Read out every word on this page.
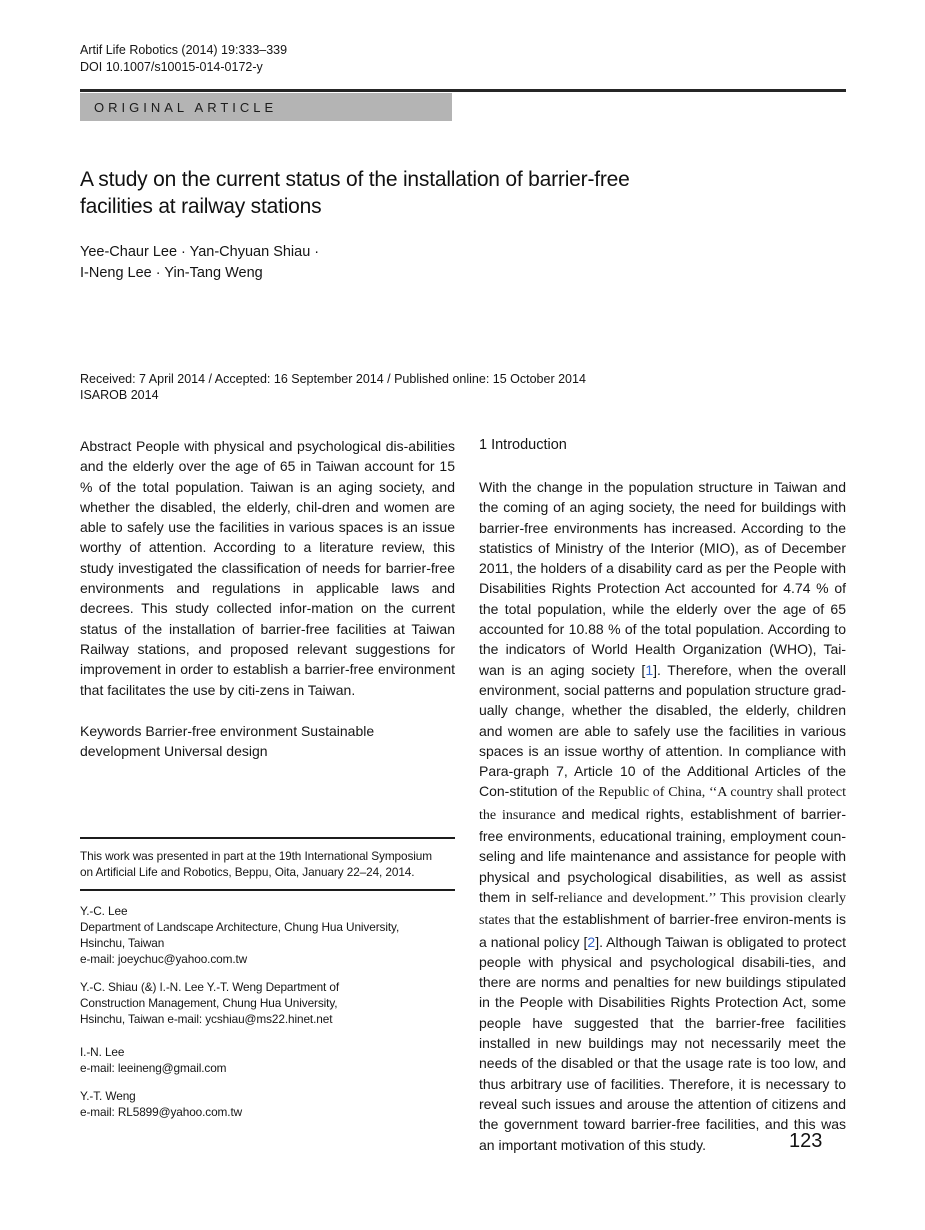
Artif Life Robotics (2014) 19:333–339
DOI 10.1007/s10015-014-0172-y
ORIGINAL ARTICLE
A study on the current status of the installation of barrier-free
facilities at railway stations
Yee-Chaur Lee · Yan-Chyuan Shiau ·
I-Neng Lee · Yin-Tang Weng
Received: 7 April 2014 / Accepted: 16 September 2014 / Published online: 15 October 2014
ISAROB 2014

Abstract People with physical and psychological dis-abilities and the elderly over the age of 65 in Taiwan account for 15 % of the total population. Taiwan is an aging society, and whether the disabled, the elderly, chil-dren and women are able to safely use the facilities in various spaces is an issue worthy of attention. According to a literature review, this study investigated the classification of needs for barrier-free environments and regulations in applicable laws and decrees. This study collected infor-mation on the current status of the installation of barrier-free facilities at Taiwan Railway stations, and proposed relevant suggestions for improvement in order to establish a barrier-free environment that facilitates the use by citi-zens in Taiwan.

Keywords Barrier-free environment Sustainable
development Universal design
This work was presented in part at the 19th International Symposium
on Artificial Life and Robotics, Beppu, Oita, January 22–24, 2014.
Y.-C. Lee
Department of Landscape Architecture, Chung Hua University,
Hsinchu, Taiwan
e-mail: joeychuc@yahoo.com.tw
Y.-C. Shiau (&) I.-N. Lee Y.-T. Weng Department of
Construction Management, Chung Hua University,
Hsinchu, Taiwan e-mail: ycshiau@ms22.hinet.net
I.-N. Lee
e-mail: leeineng@gmail.com
Y.-T. Weng
e-mail: RL5899@yahoo.com.tw

1 Introduction

With the change in the population structure in Taiwan and the coming of an aging society, the need for buildings with barrier-free environments has increased. According to the statistics of Ministry of the Interior (MIO), as of December 2011, the holders of a disability card as per the People with Disabilities Rights Protection Act accounted for 4.74 % of the total population, while the elderly over the age of 65 accounted for 10.88 % of the total population. According to the indicators of World Health Organization (WHO), Tai-wan is an aging society [1]. Therefore, when the overall environment, social patterns and population structure grad-ually change, whether the disabled, the elderly, children and women are able to safely use the facilities in various spaces is an issue worthy of attention. In compliance with Para-graph 7, Article 10 of the Additional Articles of the Con-stitution of the Republic of China, ‘‘A country shall protect the insurance and medical rights, establishment of barrier-free environments, educational training, employment coun-seling and life maintenance and assistance for people with physical and psychological disabilities, as well as assist them in self-reliance and development.’’ This provision clearly states that the establishment of barrier-free environ-ments is a national policy [2]. Although Taiwan is obligated to protect people with physical and psychological disabili-ties, and there are norms and penalties for new buildings stipulated in the People with Disabilities Rights Protection Act, some people have suggested that the barrier-free facilities installed in new buildings may not necessarily meet the needs of the disabled or that the usage rate is too low, and thus arbitrary use of facilities. Therefore, it is necessary to reveal such issues and arouse the attention of citizens and the government toward barrier-free facilities, and this was an important motivation of this study.	123
